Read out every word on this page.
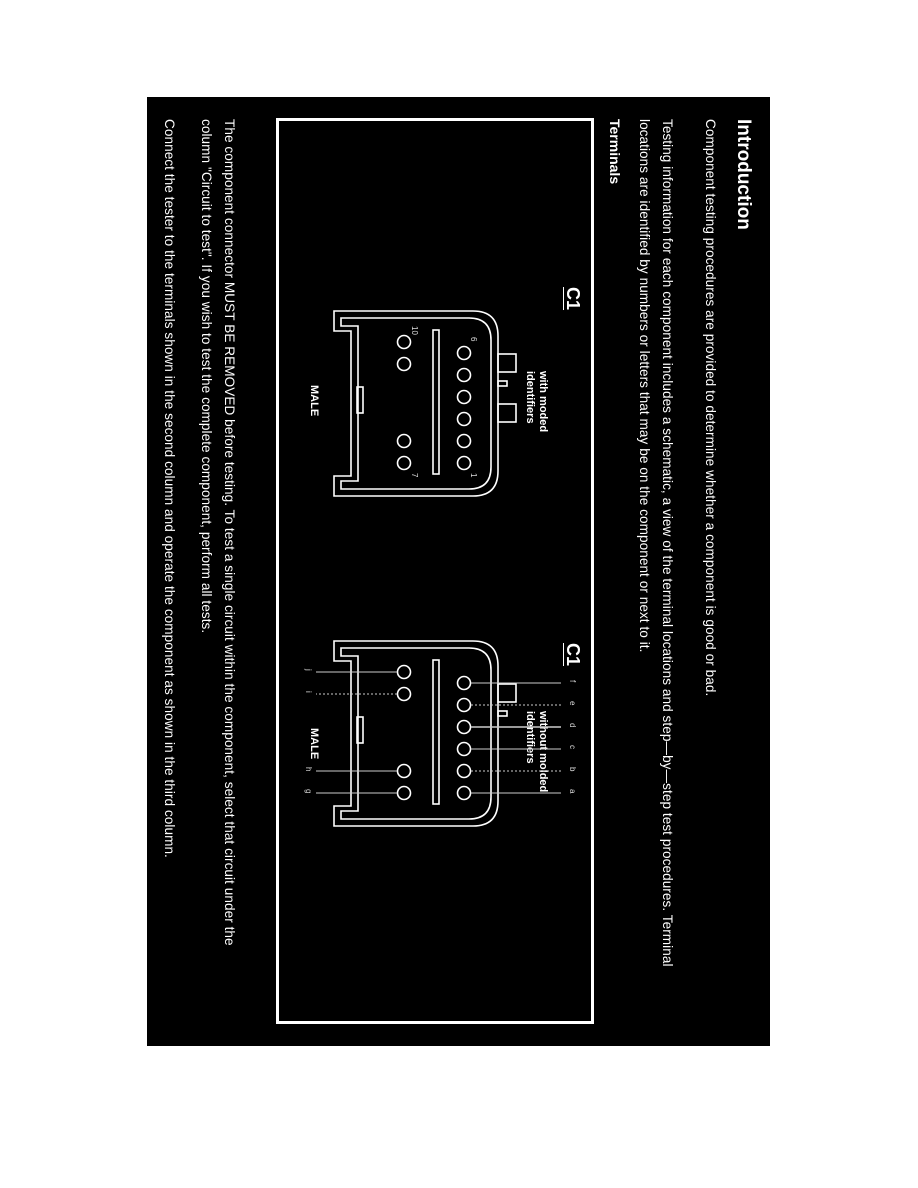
Introduction
Component testing procedures are provided to determine whether a component is good or bad.
Testing information for each component includes a schematic, a view of the terminal locations and step—by—step test procedures. Terminal
locations are identified by numbers or letters that may be on the component or next to it.
Terminals
C1
with moded
identifiers
MALE
1
6
7
10
C1
without molded
identifiers
MALE
a
b
c
d
e
f
g
h
i
j
The component connector MUST BE REMOVED before testing. To test a single circuit within the component, select that circuit under the
column "Circuit to test". If you wish to test the complete component, perform all tests.
Connect the tester to the terminals shown in the second column and operate the component as shown in the third column.
